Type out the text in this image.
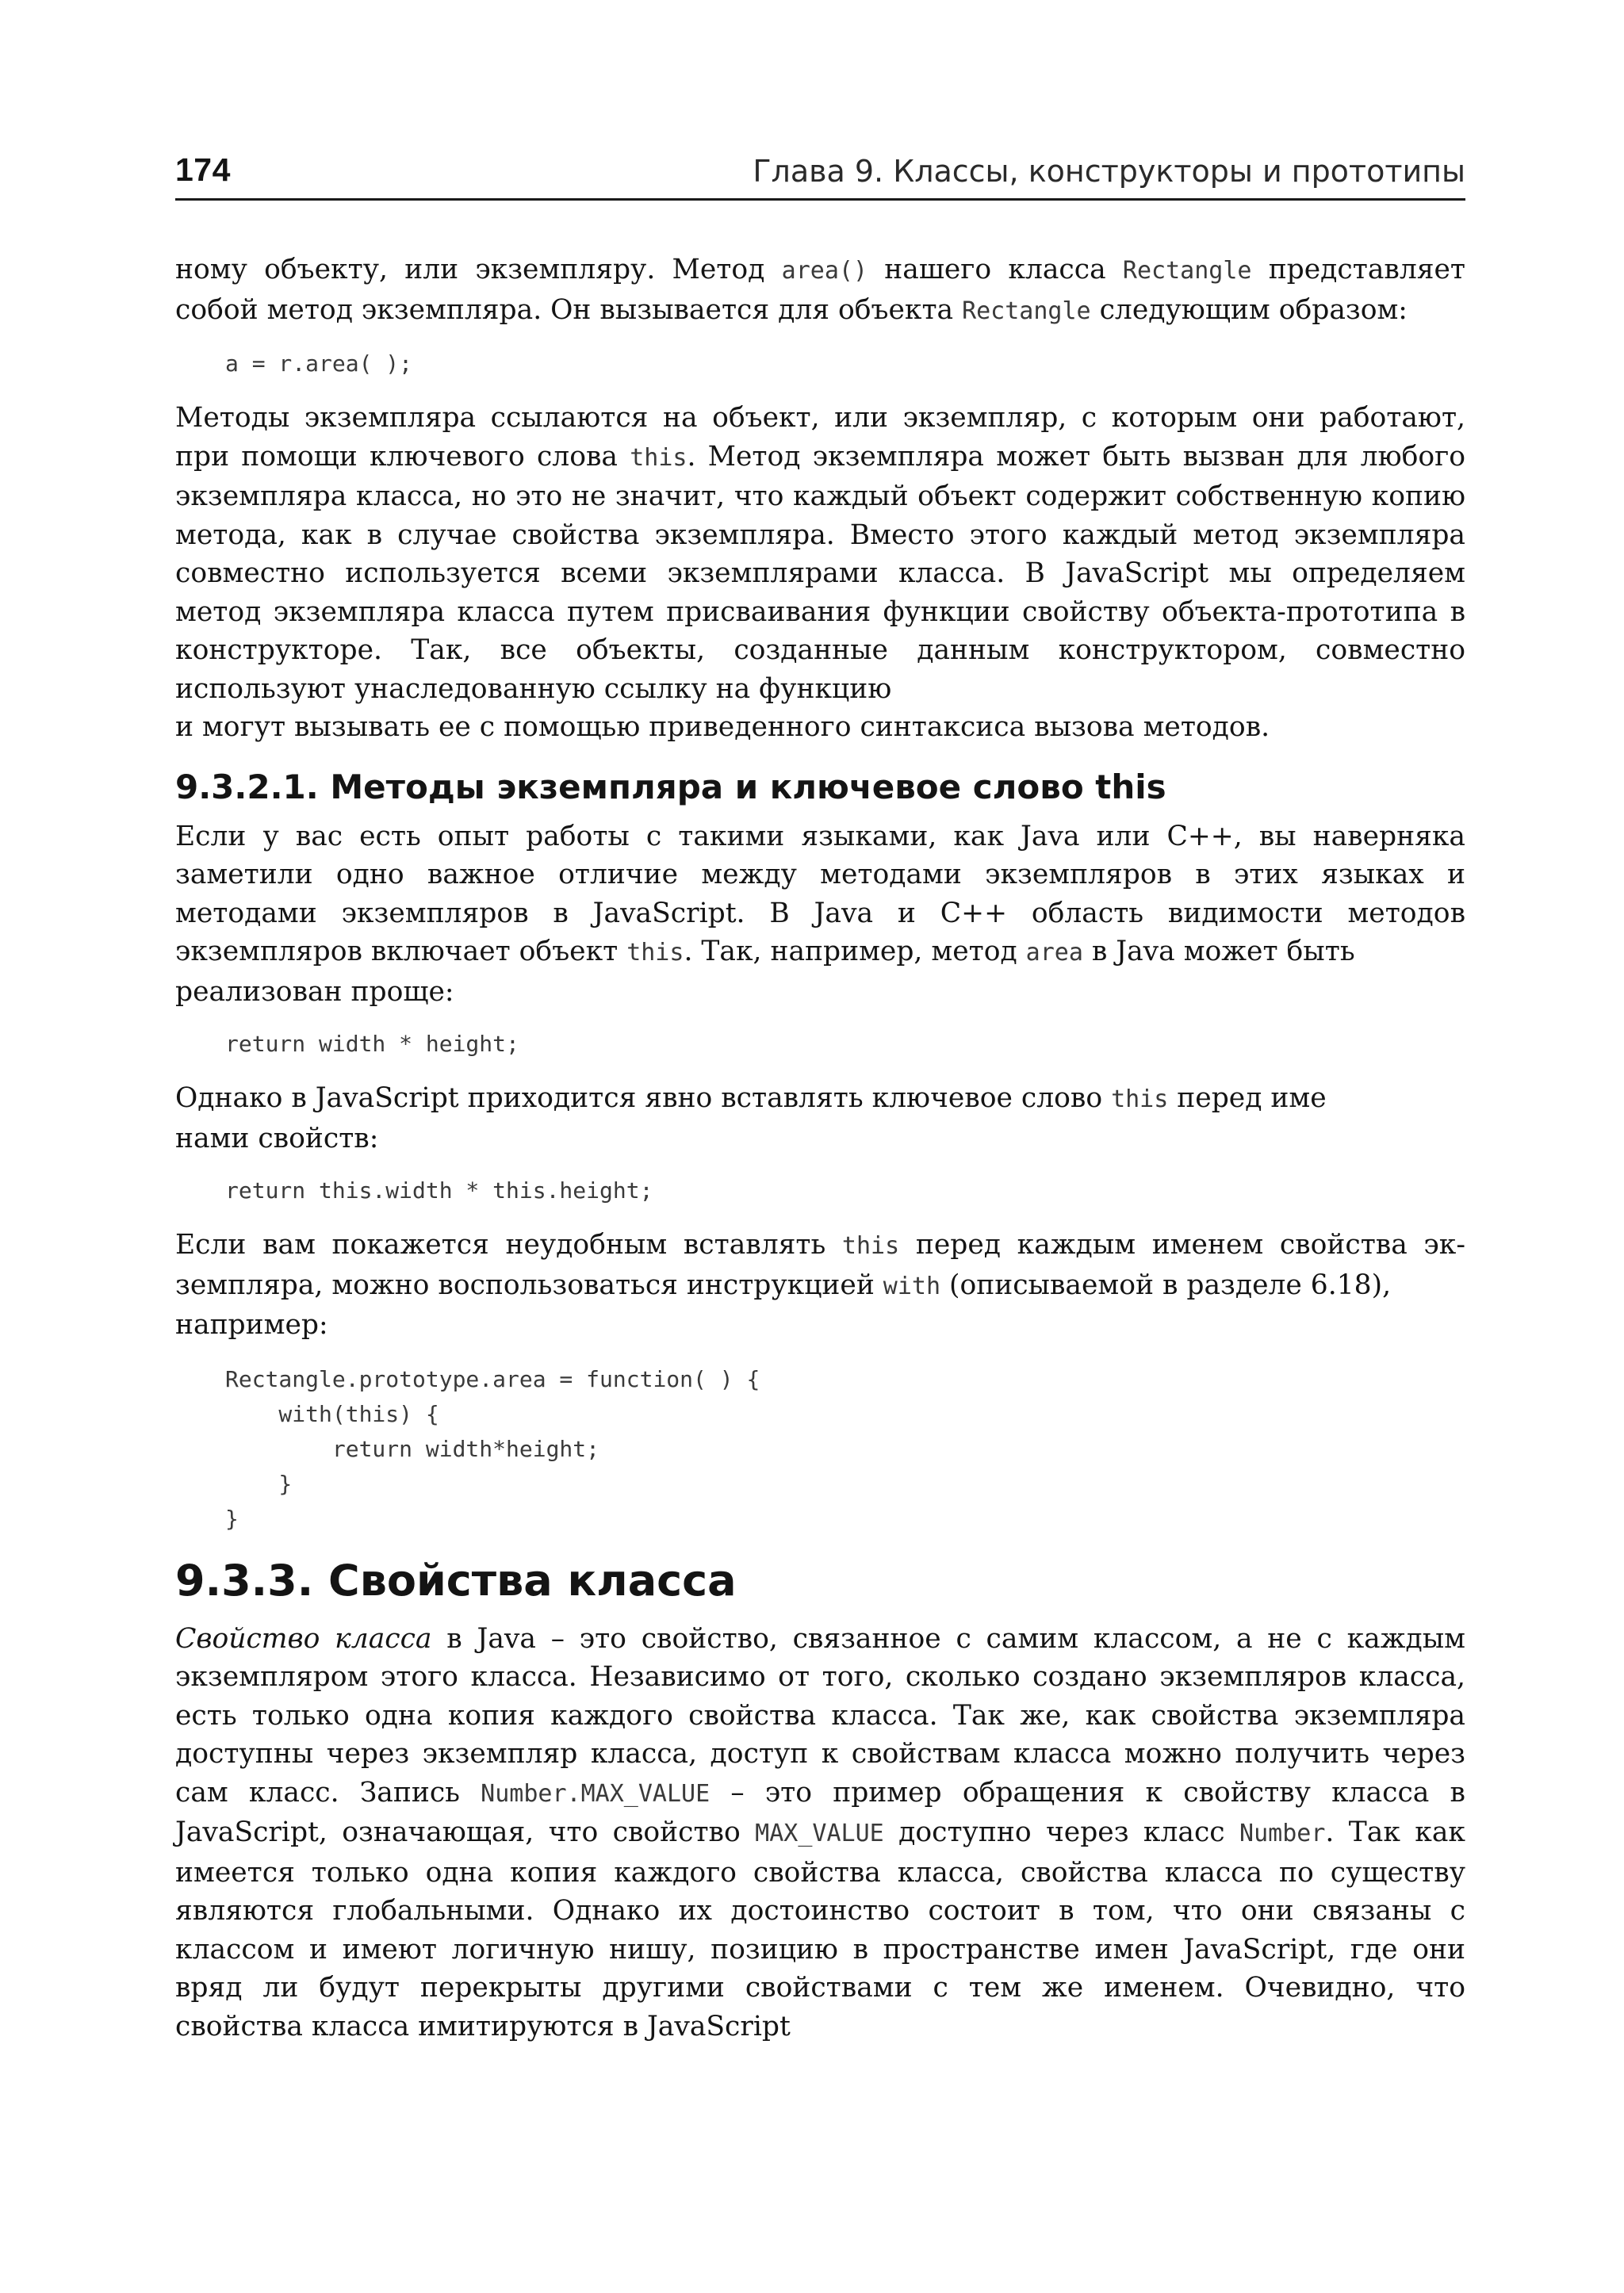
174	Глава 9. Классы, конструкторы и прототипы

ному объекту, или экземпляру. Метод area() нашего класса Rectangle представляет собой метод экземпляра. Он вызывается для объекта Rectangle следующим образом:

a = r.area( );

Методы экземпляра ссылаются на объект, или экземпляр, с которым они работают, при помощи ключевого слова this. Метод экземпляра может быть вызван для любого экземпляра класса, но это не значит, что каждый объект содержит собственную копию метода, как в случае свойства экземпляра. Вместо этого каждый метод экземпляра совместно используется всеми экземплярами класса. В JavaScript мы определяем метод экземпляра класса путем присваивания функции свойству объекта-прототипа в конструкторе. Так, все объекты, созданные данным конструктором, совместно используют унаследованную ссылку на функцию
и могут вызывать ее с помощью приведенного синтаксиса вызова методов.

9.3.2.1. Методы экземпляра и ключевое слово this

Если у вас есть опыт работы с такими языками, как Java или C++, вы наверняка заметили одно важное отличие между методами экземпляров в этих языках и методами экземпляров в JavaScript. В Java и C++ область видимости методов экземпляров включает объект this. Так, например, метод area в Java может быть
реализован проще:

return width * height;

Однако в JavaScript приходится явно вставлять ключевое слово this перед име
нами свойств:

return this.width * this.height;

Если вам покажется неудобным вставлять this перед каждым именем свойства экземпляра, можно воспользоваться инструкцией with (описываемой в разделе 6.18),
например:

Rectangle.prototype.area = function( ) {
with(this) {
return width*height;
}
}
9.3.3. Свойства класса

Свойство класса в Java – это свойство, связанное с самим классом, а не с каждым экземпляром этого класса. Независимо от того, сколько создано экземпляров класса, есть только одна копия каждого свойства класса. Так же, как свойства экземпляра доступны через экземпляр класса, доступ к свойствам класса можно получить через сам класс. Запись Number.MAX_VALUE – это пример обращения к свойству класса в JavaScript, означающая, что свойство MAX_VALUE доступно через класс Number. Так как имеется только одна копия каждого свойства класса, свойства класса по существу являются глобальными. Однако их достоинство состоит в том, что они связаны с классом и имеют логичную нишу, позицию в пространстве имен JavaScript, где они вряд ли будут перекрыты другими свойствами с тем же именем. Очевидно, что свойства класса имитируются в JavaScript
